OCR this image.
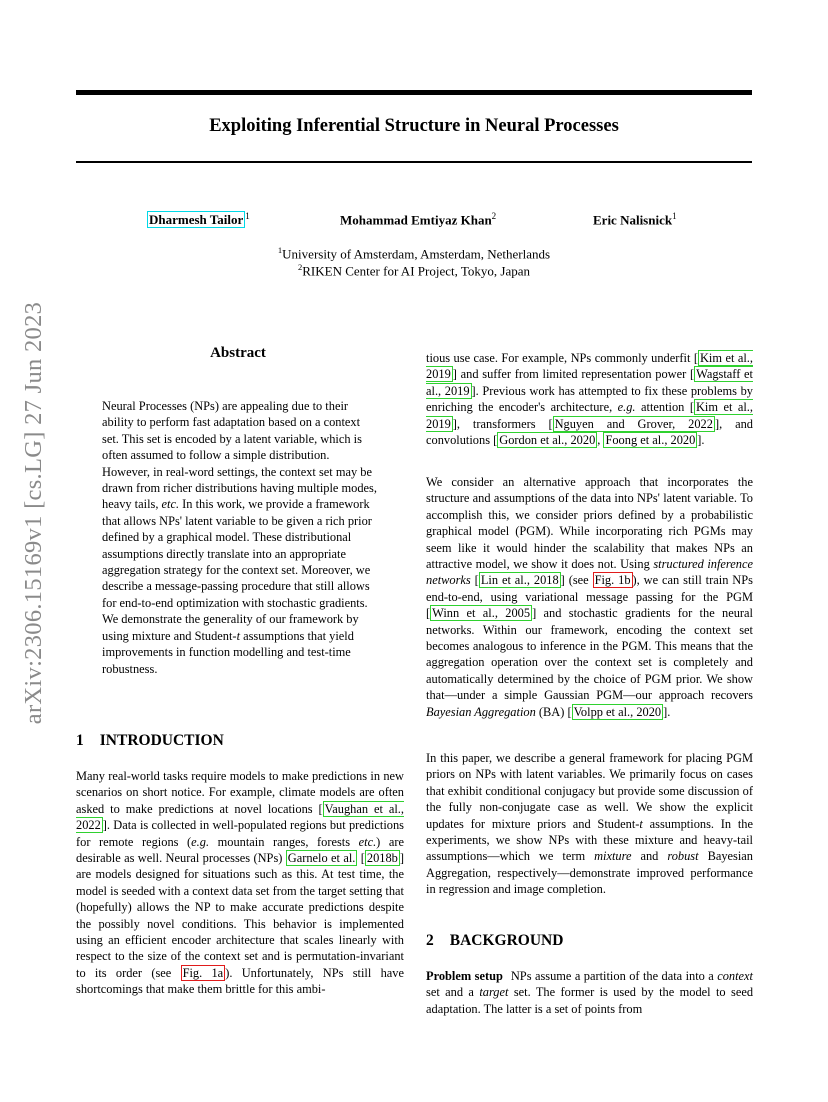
Exploiting Inferential Structure in Neural Processes
Dharmesh Tailor $^1$	Mohammad Emtiyaz Khan$^2$	Eric Nalisnick$^1$
$^1$University of Amsterdam, Amsterdam, Netherlands
$^2$RIKEN Center for AI Project, Tokyo, Japan
arXiv:2306.15169v1 [cs.LG] 27 Jun 2023	Abstract

Neural Processes (NPs) are appealing due to their ability to perform fast adaptation based on a context set. This set is encoded by a latent variable, which is often assumed to follow a simple distribution. However, in real-word settings, the context set may be drawn from richer distributions having multiple modes, heavy tails, etc. In this work, we provide a framework that allows NPs' latent variable to be given a rich prior defined by a graphical model. These distributional assumptions directly translate into an appropriate aggregation strategy for the context set. Moreover, we describe a message-passing procedure that still allows for end-to-end optimization with stochastic gradients. We demonstrate the generality of our framework by using mixture and Student-t assumptions that yield improvements in function modelling and test-time robustness.

1 INTRODUCTION

Many real-world tasks require models to make predictions in new scenarios on short notice. For example, climate models are often asked to make predictions at novel locations [ Vaughan et al., 2022 ]. Data is collected in well-populated regions but predictions for remote regions (e.g. mountain ranges, forests etc.) are desirable as well. Neural processes (NPs) Garnelo et al. [ 2018b ] are models designed for situations such as this. At test time, the model is seeded with a context data set from the target setting that (hopefully) allows the NP to make accurate predictions despite the possibly novel conditions. This behavior is implemented using an efficient encoder architecture that scales linearly with respect to the size of the context set and is permutation-invariant to its order (see Fig. 1a ). Unfortunately, NPs still have shortcomings that make them brittle for this ambi-

tious use case. For example, NPs commonly underfit [ Kim et al., 2019 ] and suffer from limited representation power [ Wagstaff et al., 2019 ]. Previous work has attempted to fix these problems by enriching the encoder's architecture, e.g. attention [ Kim et al., 2019 ], transformers [ Nguyen and Grover, 2022 ], and convolutions [ Gordon et al., 2020 , Foong et al., 2020 ].

We consider an alternative approach that incorporates the structure and assumptions of the data into NPs' latent variable. To accomplish this, we consider priors defined by a probabilistic graphical model (PGM). While incorporating rich PGMs may seem like it would hinder the scalability that makes NPs an attractive model, we show it does not. Using structured inference networks [ Lin et al., 2018 ] (see Fig. 1b ), we can still train NPs end-to-end, using variational message passing for the PGM [ Winn et al., 2005 ] and stochastic gradients for the neural networks. Within our framework, encoding the context set becomes analogous to inference in the PGM. This means that the aggregation operation over the context set is completely and automatically determined by the choice of PGM prior. We show that—under a simple Gaussian PGM—our approach recovers Bayesian Aggregation (BA) [ Volpp et al., 2020 ].

In this paper, we describe a general framework for placing PGM priors on NPs with latent variables. We primarily focus on cases that exhibit conditional conjugacy but provide some discussion of the fully non-conjugate case as well. We show the explicit updates for mixture priors and Student-t assumptions. In the experiments, we show NPs with these mixture and heavy-tail assumptions—which we term mixture and robust Bayesian Aggregation, respectively—demonstrate improved performance in regression and image completion.

2 BACKGROUND

Problem setup NPs assume a partition of the data into a context set and a target set. The former is used by the model to seed adaptation. The latter is a set of points from
